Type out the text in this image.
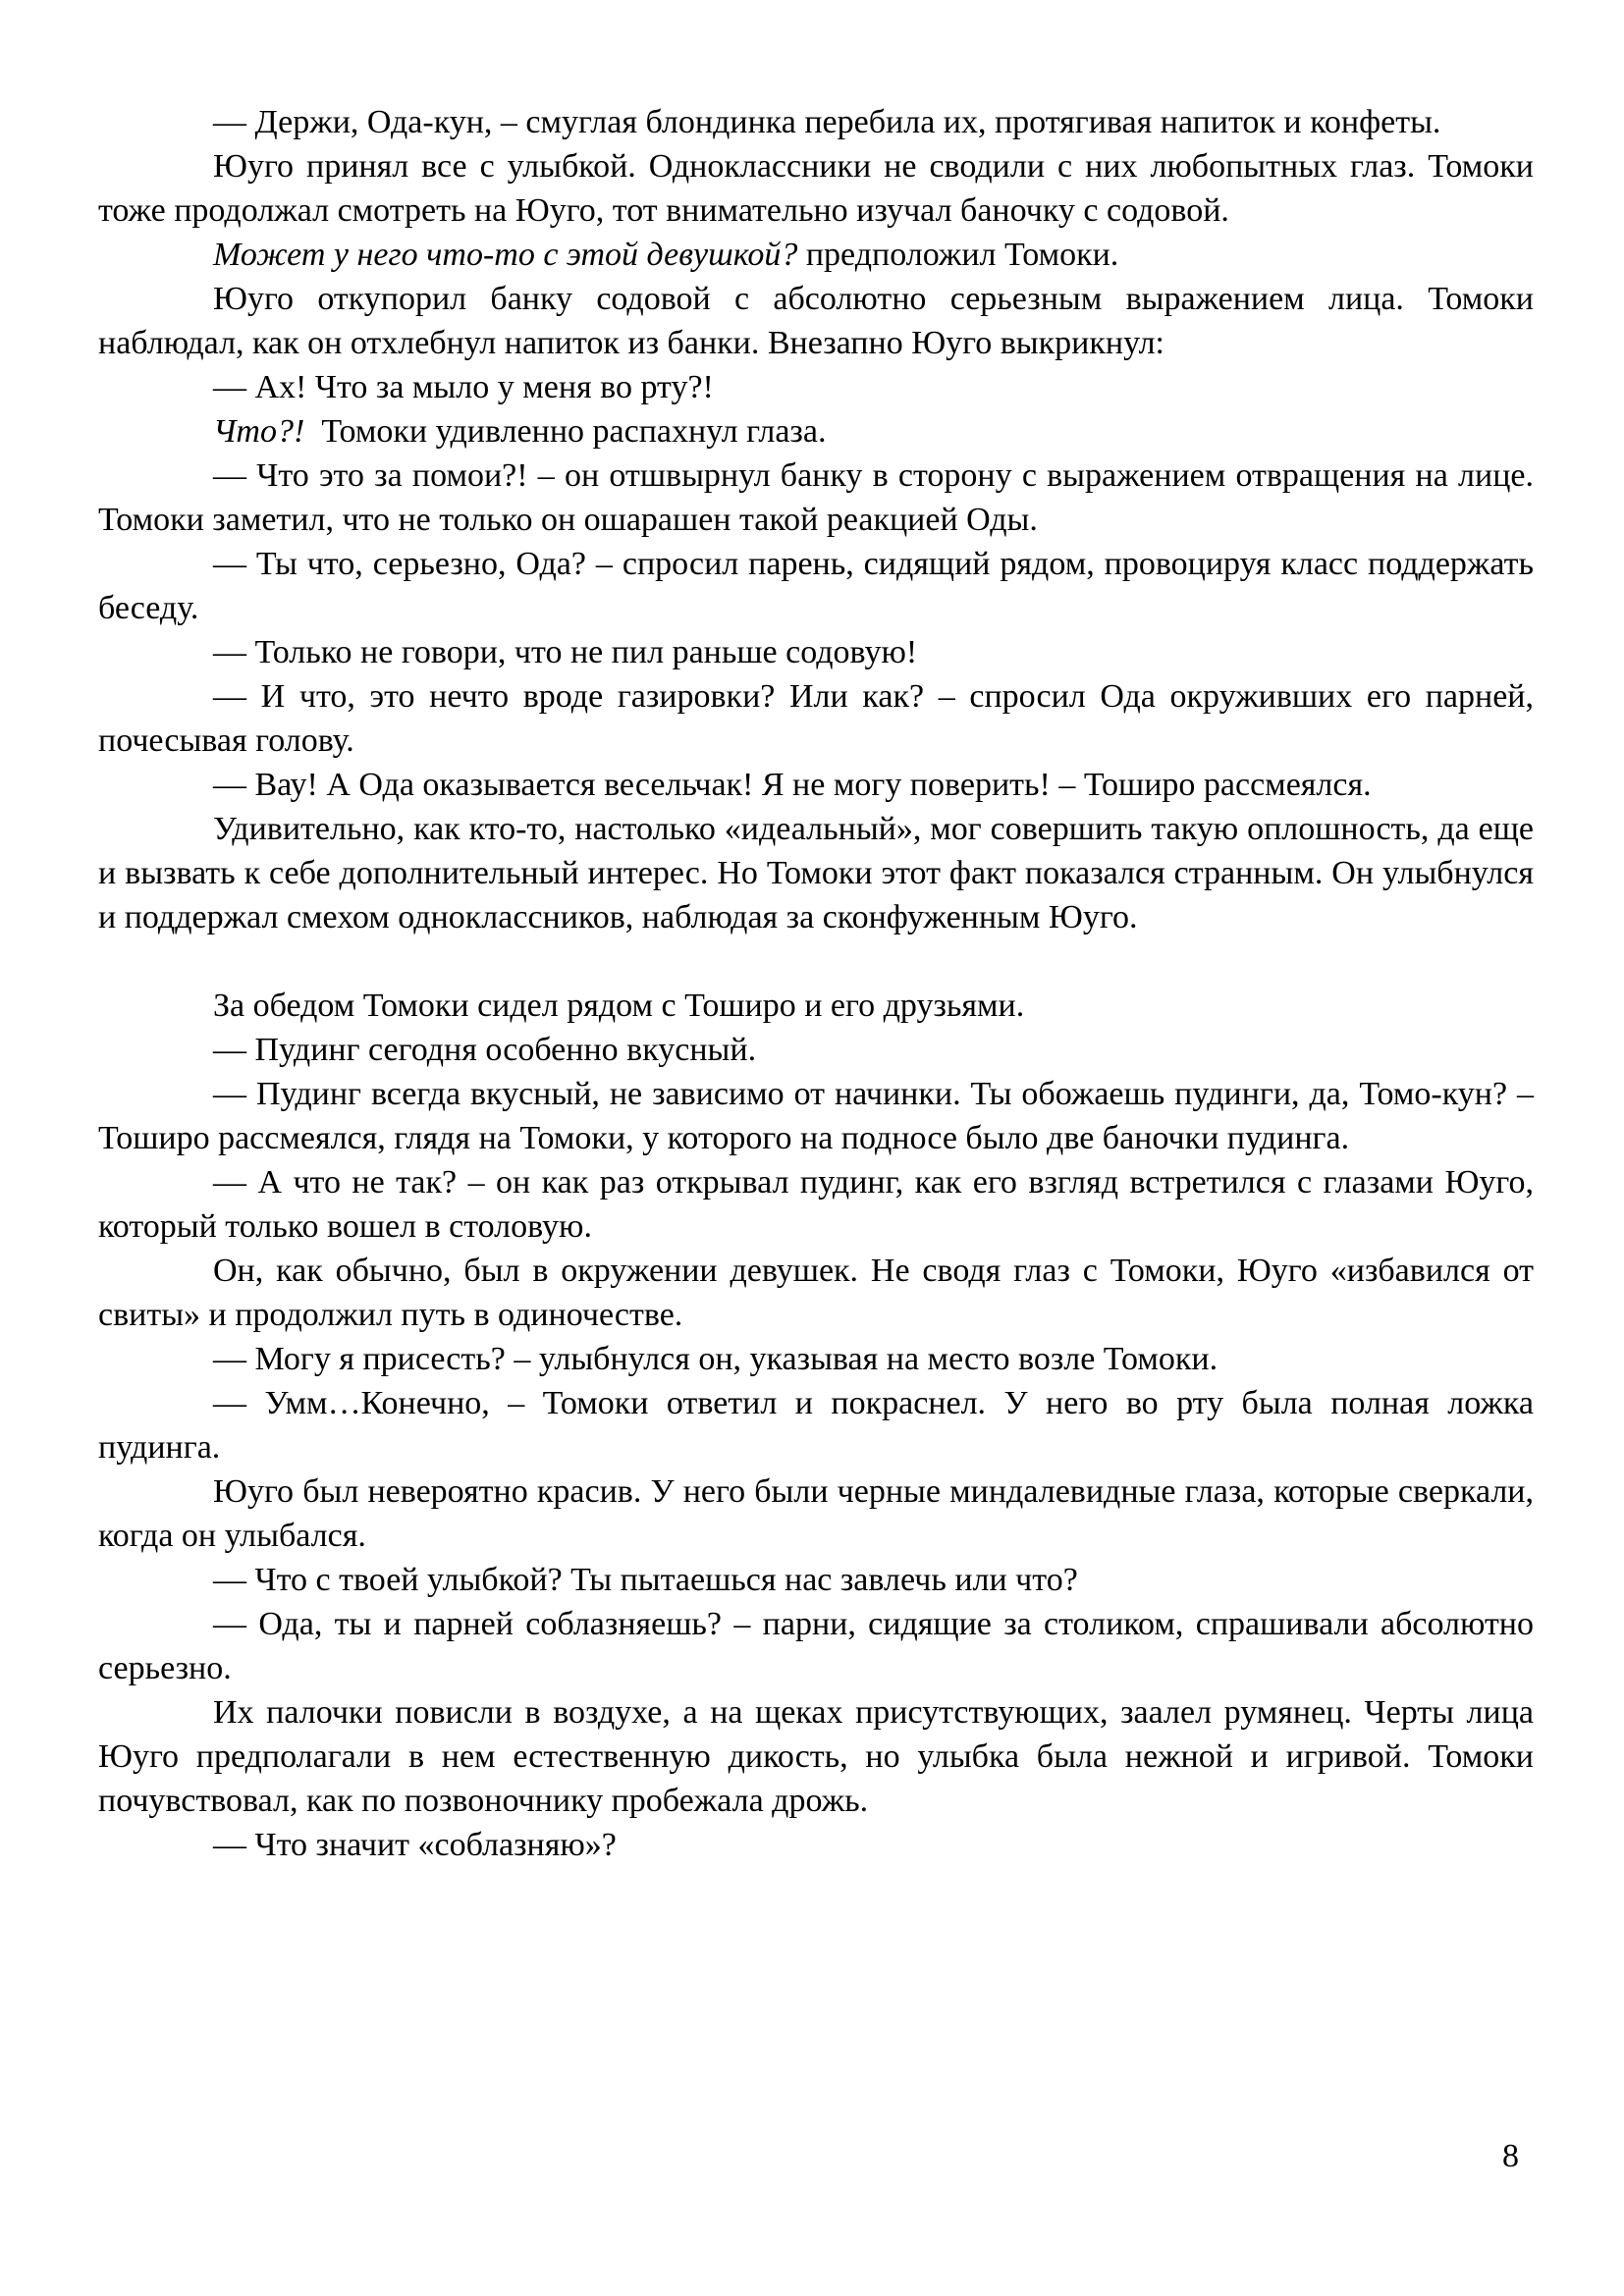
— Держи, Ода-кун, – смуглая блондинка перебила их, протягивая напиток и конфеты.

Юуго принял все с улыбкой. Одноклассники не сводили с них любопытных глаз. Томоки тоже продолжал смотреть на Юуго, тот внимательно изучал баночку с содовой.

Может у него что-то с этой девушкой? предположил Томоки.

Юуго откупорил банку содовой с абсолютно серьезным выражением лица. Томоки наблюдал, как он отхлебнул напиток из банки. Внезапно Юуго выкрикнул:

— Ах! Что за мыло у меня во рту?!

Что?!  Томоки удивленно распахнул глаза.

— Что это за помои?! – он отшвырнул банку в сторону с выражением отвращения на лице. Томоки заметил, что не только он ошарашен такой реакцией Оды.

— Ты что, серьезно, Ода? – спросил парень, сидящий рядом, провоцируя класс поддержать беседу.

— Только не говори, что не пил раньше содовую!

— И что, это нечто вроде газировки? Или как? – спросил Ода окруживших его парней, почесывая голову.

— Вау! А Ода оказывается весельчак! Я не могу поверить! – Тоширо рассмеялся.

Удивительно, как кто-то, настолько «идеальный», мог совершить такую оплошность, да еще и вызвать к себе дополнительный интерес. Но Томоки этот факт показался странным. Он улыбнулся и поддержал смехом одноклассников, наблюдая за сконфуженным Юуго.

За обедом Томоки сидел рядом с Тоширо и его друзьями.

— Пудинг сегодня особенно вкусный.

— Пудинг всегда вкусный, не зависимо от начинки. Ты обожаешь пудинги, да, Томо-кун? – Тоширо рассмеялся, глядя на Томоки, у которого на подносе было две баночки пудинга.

— А что не так? – он как раз открывал пудинг, как его взгляд встретился с глазами Юуго, который только вошел в столовую.

Он, как обычно, был в окружении девушек. Не сводя глаз с Томоки, Юуго «избавился от свиты» и продолжил путь в одиночестве.

— Могу я присесть? – улыбнулся он, указывая на место возле Томоки.

— Умм…Конечно, – Томоки ответил и покраснел. У него во рту была полная ложка пудинга.

Юуго был невероятно красив. У него были черные миндалевидные глаза, которые сверкали, когда он улыбался.

— Что с твоей улыбкой? Ты пытаешься нас завлечь или что?

— Ода, ты и парней соблазняешь? – парни, сидящие за столиком, спрашивали абсолютно серьезно.

Их палочки повисли в воздухе, а на щеках присутствующих, заалел румянец. Черты лица Юуго предполагали в нем естественную дикость, но улыбка была нежной и игривой. Томоки почувствовал, как по позвоночнику пробежала дрожь.

— Что значит «соблазняю»?

8
